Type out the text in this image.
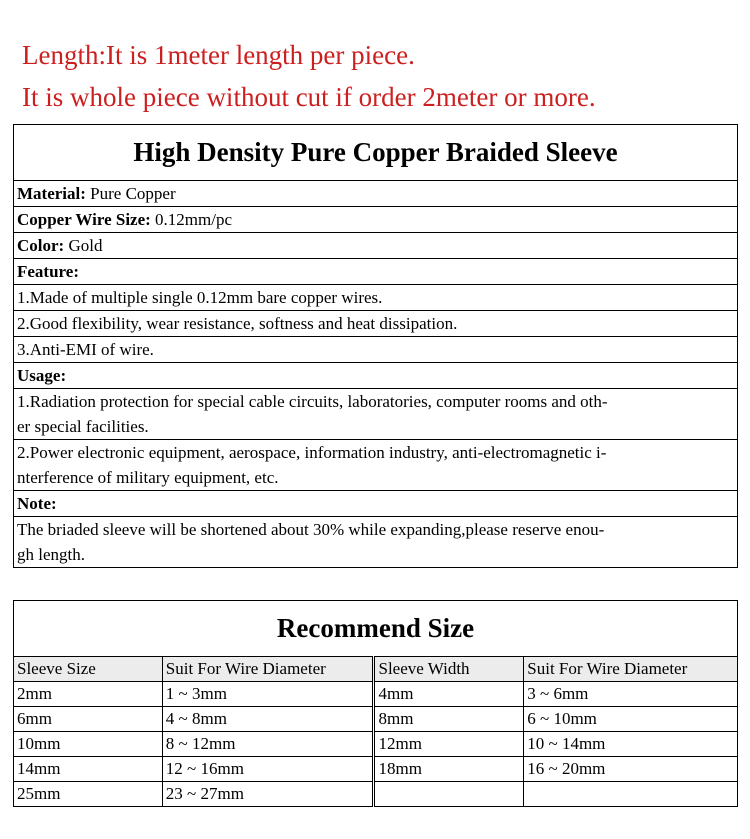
Length:It is 1meter length per piece.
It is whole piece without cut if order 2meter or more.
High Density Pure Copper Braided Sleeve
Material: Pure Copper
Copper Wire Size: 0.12mm/pc
Color: Gold
Feature:
1.Made of multiple single 0.12mm bare copper wires.
2.Good flexibility, wear resistance, softness and heat dissipation.
3.Anti-EMI of wire.
Usage:

1.Radiation protection for special cable circuits, laboratories, computer rooms and oth-
er special facilities.

2.Power electronic equipment, aerospace, information industry, anti-electromagnetic i-
nterference of military equipment, etc.

Note:

The briaded sleeve will be shortened about 30% while expanding,please reserve enou-
gh length.
Recommend Size			
Sleeve Size	Suit For Wire Diameter	Sleeve Width	Suit For Wire Diameter
2mm	1 ~ 3mm	4mm	3 ~ 6mm
6mm	4 ~ 8mm	8mm	6 ~ 10mm
10mm	8 ~ 12mm	12mm	10 ~ 14mm
14mm	12 ~ 16mm	18mm	16 ~ 20mm
25mm	23 ~ 27mm		
